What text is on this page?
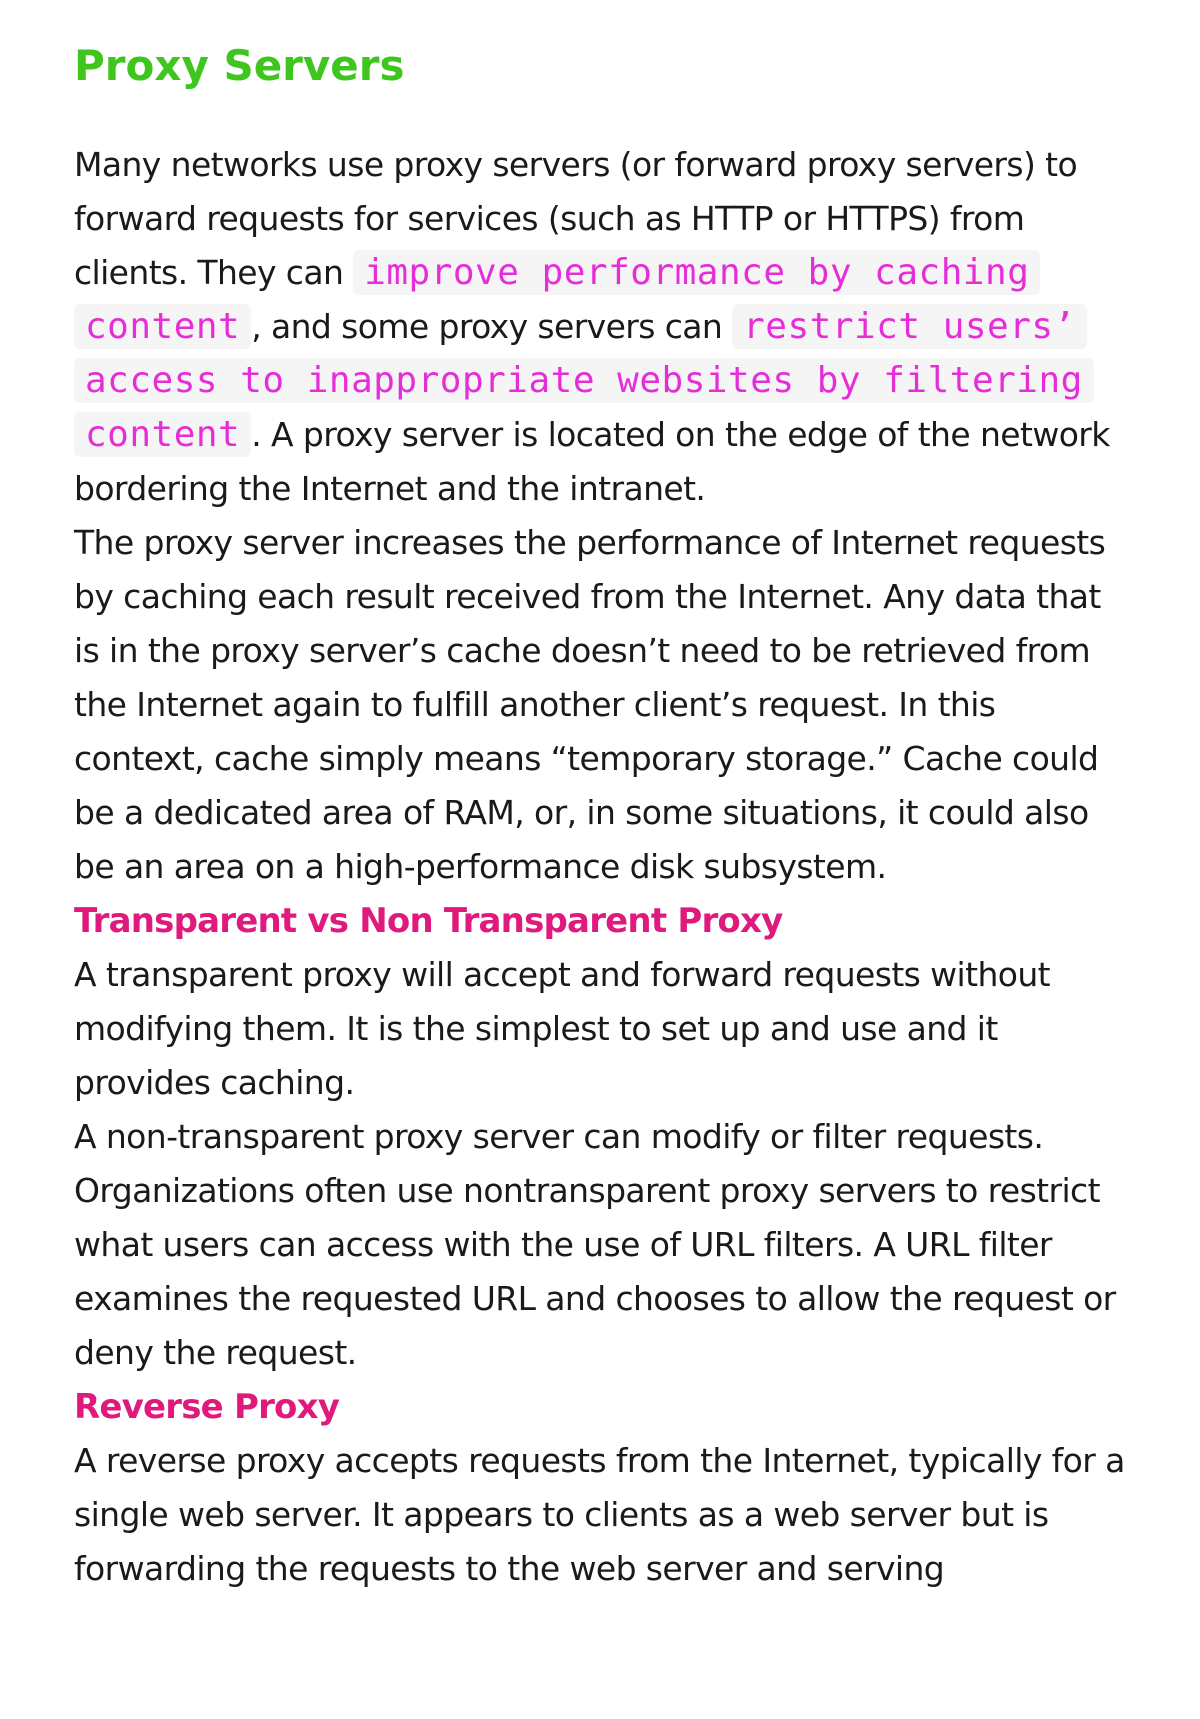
Proxy Servers

Many networks use proxy servers (or forward proxy servers) to forward requests for services (such as HTTP or HTTPS) from clients. They can improve performance by caching content , and some proxy servers can restrict users’ access to inappropriate websites by filtering content . A proxy server is located on the edge of the network bordering the Internet and the intranet.

The proxy server increases the performance of Internet requests by caching each result received from the Internet. Any data that is in the proxy server’s cache doesn’t need to be retrieved from the Internet again to fulfill another client’s request. In this context, cache simply means “temporary storage.” Cache could be a dedicated area of RAM, or, in some situations, it could also be an area on a high-performance disk subsystem.

Transparent vs Non Transparent Proxy

A transparent proxy will accept and forward requests without modifying them. It is the simplest to set up and use and it provides caching.

A non-transparent proxy server can modify or filter requests. Organizations often use nontransparent proxy servers to restrict what users can access with the use of URL filters. A URL filter examines the requested URL and chooses to allow the request or deny the request.

Reverse Proxy

A reverse proxy accepts requests from the Internet, typically for a single web server. It appears to clients as a web server but is forwarding the requests to the web server and serving
